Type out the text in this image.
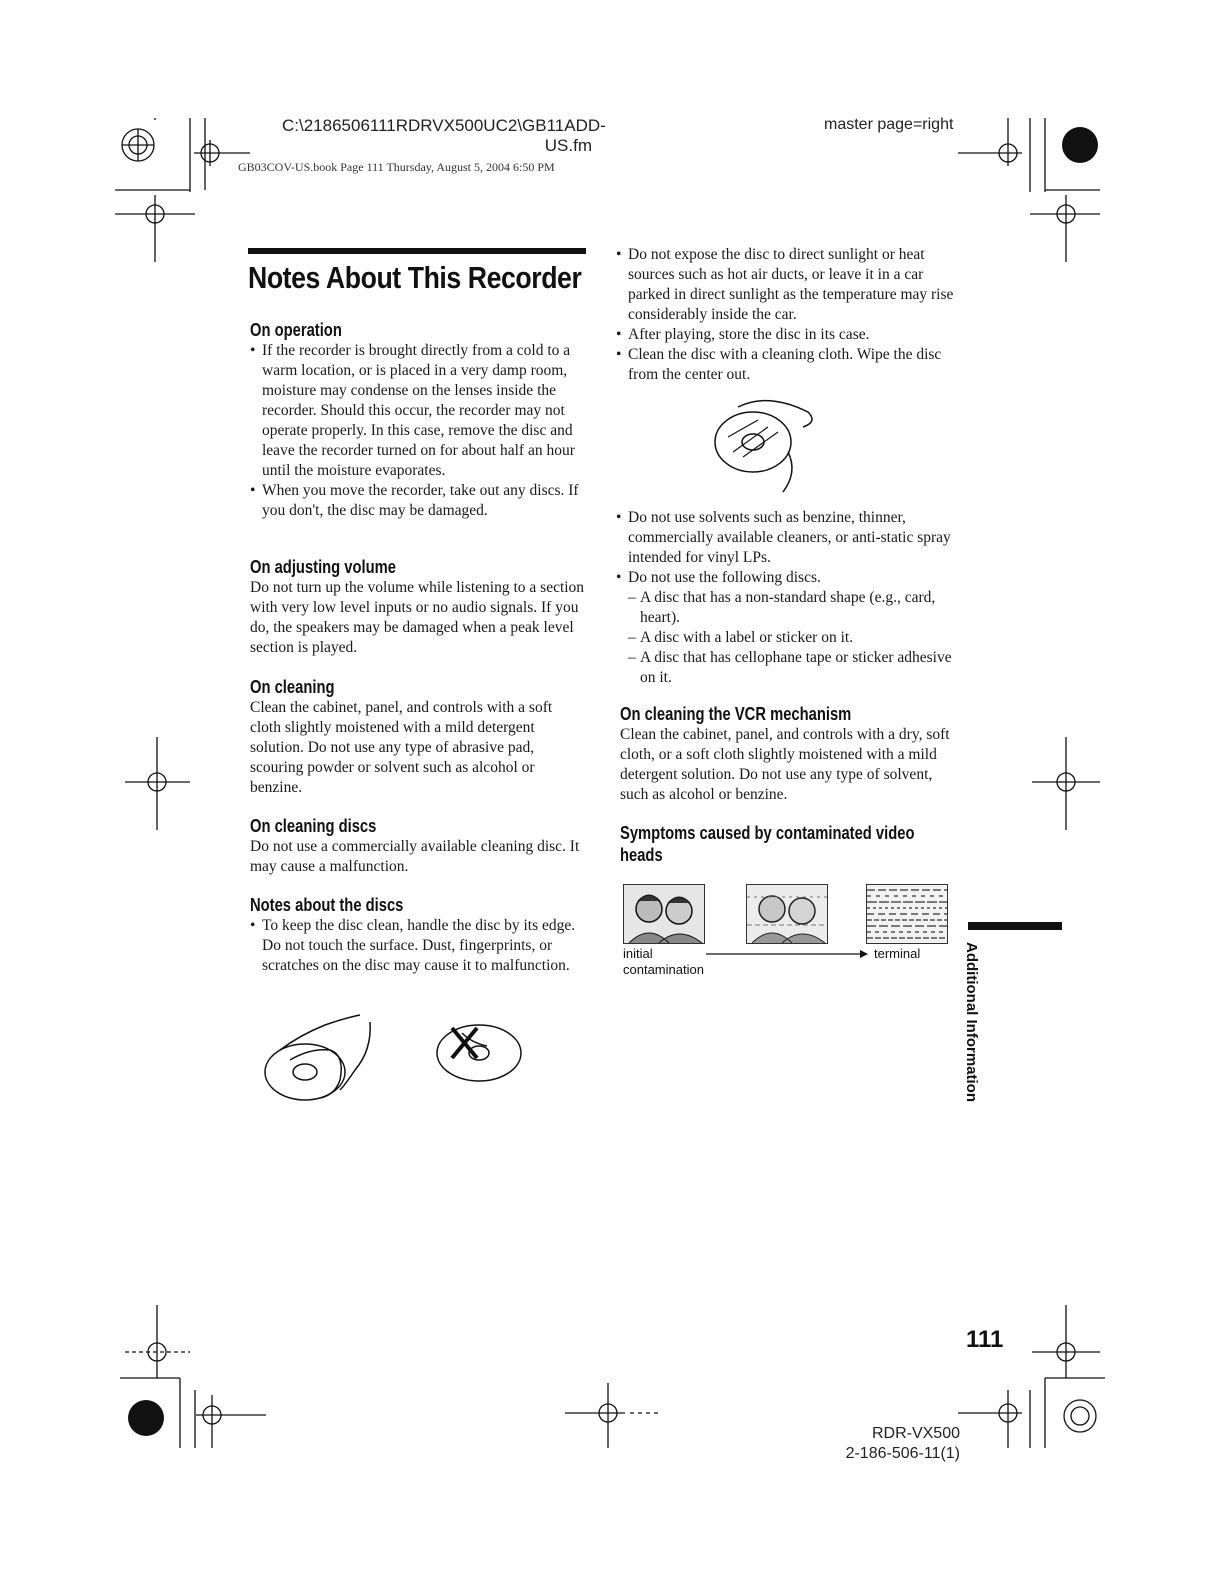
C:\2186506111RDRVX500UC2\GB11ADD-
US.fm
GB03COV-US.book Page 111 Thursday, August 5, 2004 6:50 PM
master page=right
Notes About This Recorder
On operation
• If the recorder is brought directly from a cold to a warm location, or is placed in a very damp room, moisture may condense on the lenses inside the recorder. Should this occur, the recorder may not operate properly. In this case, remove the disc and leave the recorder turned on for about half an hour until the moisture evaporates.
• When you move the recorder, take out any discs. If you don't, the disc may be damaged.
On adjusting volume

Do not turn up the volume while listening to a section with very low level inputs or no audio signals. If you do, the speakers may be damaged when a peak level section is played.

On cleaning

Clean the cabinet, panel, and controls with a soft cloth slightly moistened with a mild detergent solution. Do not use any type of abrasive pad, scouring powder or solvent such as alcohol or benzine.

On cleaning discs

Do not use a commercially available cleaning disc. It may cause a malfunction.

Notes about the discs
• To keep the disc clean, handle the disc by its edge. Do not touch the surface. Dust, fingerprints, or scratches on the disc may cause it to malfunction.
• Do not expose the disc to direct sunlight or heat sources such as hot air ducts, or leave it in a car parked in direct sunlight as the temperature may rise considerably inside the car.
• After playing, store the disc in its case.
• Clean the disc with a cleaning cloth. Wipe the disc from the center out.
• Do not use solvents such as benzine, thinner, commercially available cleaners, or anti-static spray intended for vinyl LPs.
• Do not use the following discs.
– A disc that has a non-standard shape (e.g., card, heart).
– A disc with a label or sticker on it.
– A disc that has cellophane tape or sticker adhesive on it.
On cleaning the VCR mechanism

Clean the cabinet, panel, and controls with a dry, soft cloth, or a soft cloth slightly moistened with a mild detergent solution. Do not use any type of solvent, such as alcohol or benzine.

Symptoms caused by contaminated video
heads
initial
contamination
terminal	Additional Information
111
RDR-VX500
2-186-506-11(1)
